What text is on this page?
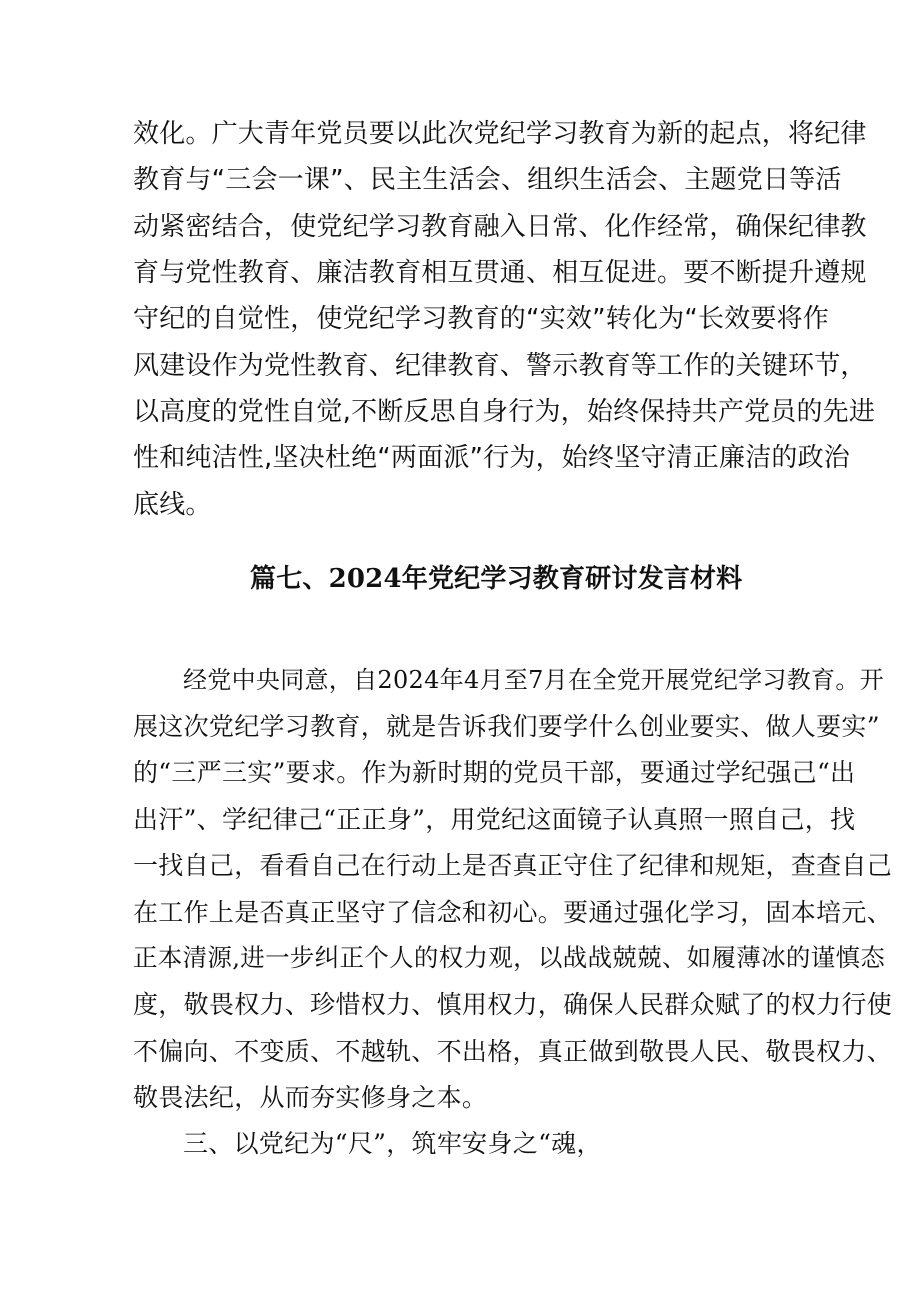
效化。广大青年党员要以此次党纪学习教育为新的起点，将纪律
教育与“三会一课”、民主生活会、组织生活会、主题党日等活
动紧密结合，使党纪学习教育融入日常、化作经常，确保纪律教
育与党性教育、廉洁教育相互贯通、相互促进。要不断提升遵规
守纪的自觉性，使党纪学习教育的“实效”转化为“长效要将作
风建设作为党性教育、纪律教育、警示教育等工作的关键环节，
以高度的党性自觉,不断反思自身行为，始终保持共产党员的先进
性和纯洁性,坚决杜绝“两面派”行为，始终坚守清正廉洁的政治
底线。
篇七、2024年党纪学习教育研讨发言材料
经党中央同意，自2024年4月至7月在全党开展党纪学习教育。开
展这次党纪学习教育，就是告诉我们要学什么创业要实、做人要实”
的“三严三实”要求。作为新时期的党员干部，要通过学纪强己“出
出汗”、学纪律己“正正身”，用党纪这面镜子认真照一照自己，找
一找自己，看看自己在行动上是否真正守住了纪律和规矩，查查自己
在工作上是否真正坚守了信念和初心。要通过强化学习，固本培元、
正本清源,进一步纠正个人的权力观，以战战兢兢、如履薄冰的谨慎态
度，敬畏权力、珍惜权力、慎用权力，确保人民群众赋了的权力行使
不偏向、不变质、不越轨、不出格，真正做到敬畏人民、敬畏权力、
敬畏法纪，从而夯实修身之本。
三、以党纪为“尺”，筑牢安身之“魂，
